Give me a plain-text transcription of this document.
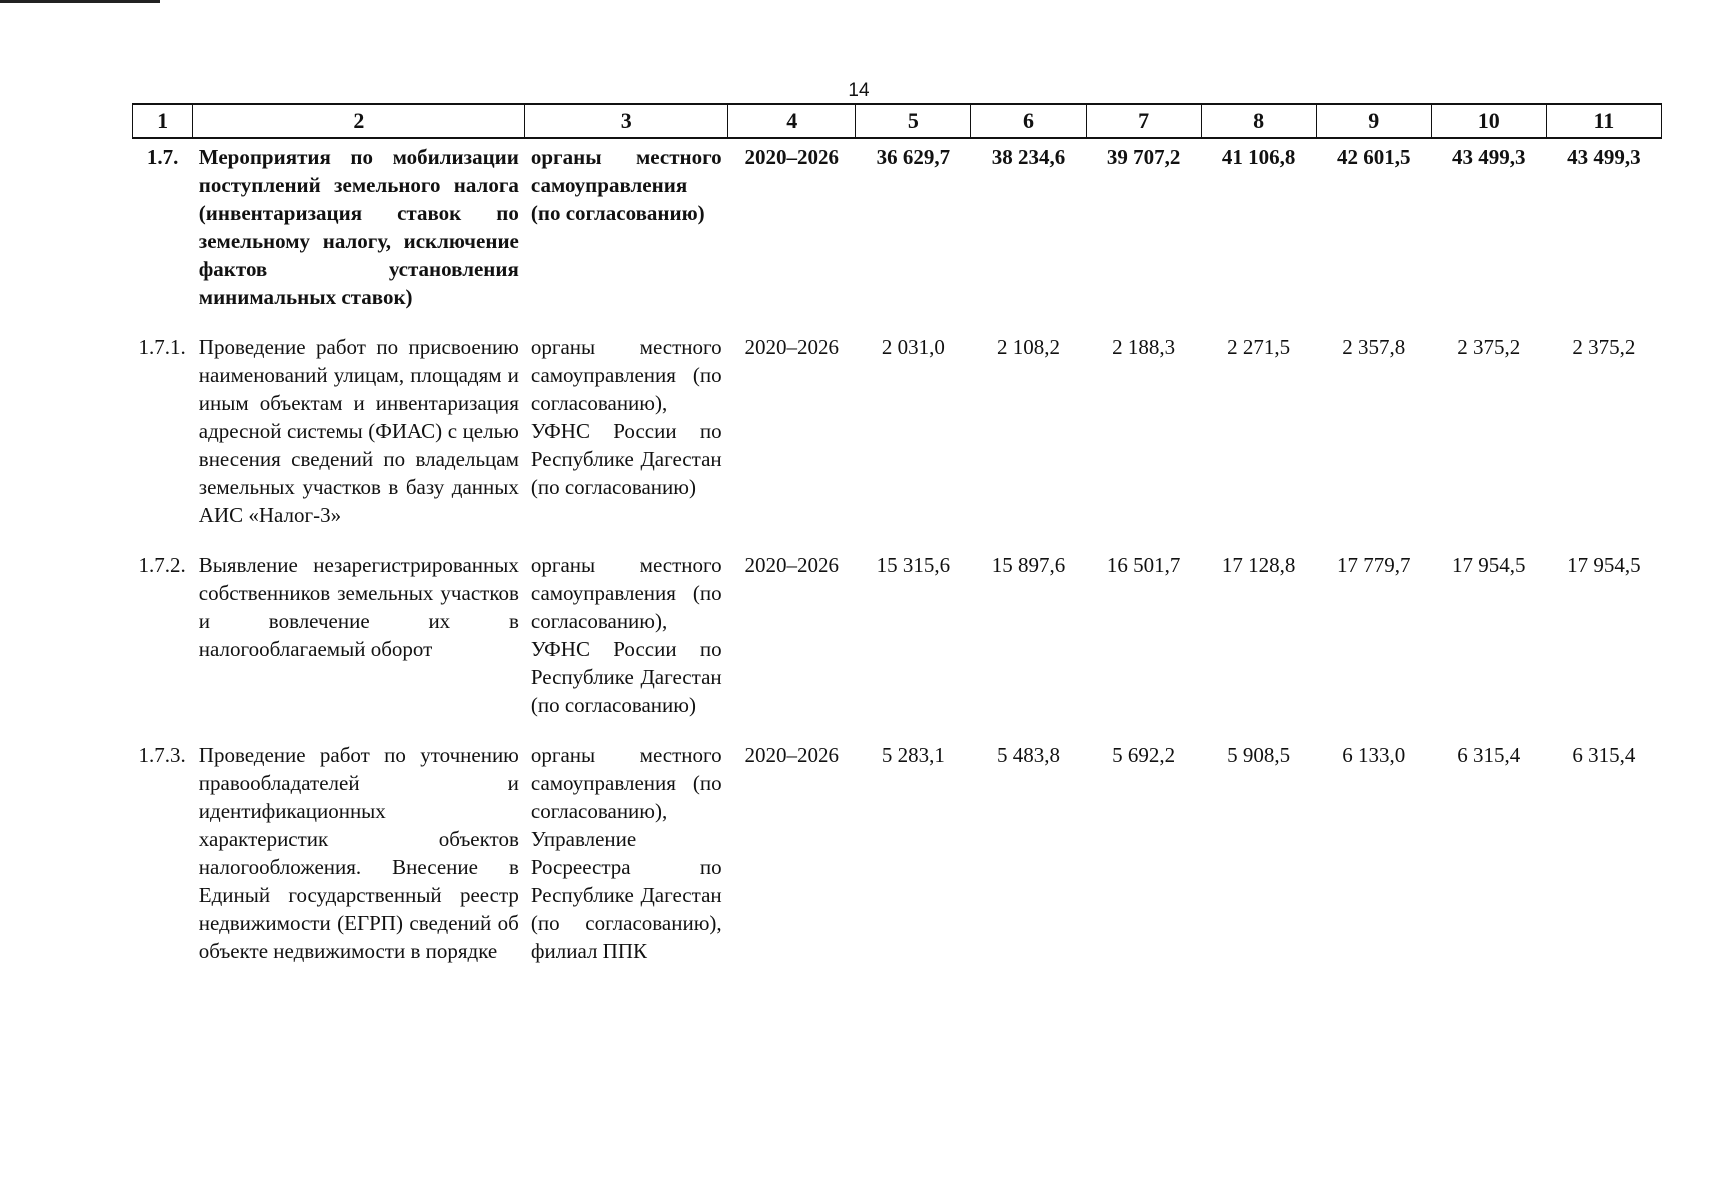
14
1	2	3	4	5	6	7	8	9	10	11
1.7.	Мероприятия по мобилизации поступлений земельного налога (инвентаризация ставок по земельному налогу, исключение фактов установления минимальных ставок)	органы местного самоуправления (по согласованию)	2020–2026	36 629,7	38 234,6	39 707,2	41 106,8	42 601,5	43 499,3	43 499,3
1.7.1.	Проведение работ по присвоению наименований улицам, площадям и иным объектам и инвентаризация адресной системы (ФИАС) с целью внесения сведений по владельцам земельных участков в базу данных АИС «Налог-3»	органы местного самоуправления (по согласованию), УФНС России по Республике Дагестан (по согласованию)	2020–2026	2 031,0	2 108,2	2 188,3	2 271,5	2 357,8	2 375,2	2 375,2
1.7.2.	Выявление незарегистрированных собственников земельных участков и вовлечение их в налогооблагаемый оборот	органы местного самоуправления (по согласованию), УФНС России по Республике Дагестан (по согласованию)	2020–2026	15 315,6	15 897,6	16 501,7	17 128,8	17 779,7	17 954,5	17 954,5
1.7.3.	Проведение работ по уточнению правообладателей и идентификационных характеристик объектов налогообложения. Внесение в Единый государственный реестр недвижимости (ЕГРП) сведений об объекте недвижимости в порядке	органы местного самоуправления (по согласованию), Управление Росреестра по Республике Дагестан (по согласованию), филиал ППК	2020–2026	5 283,1	5 483,8	5 692,2	5 908,5	6 133,0	6 315,4	6 315,4
